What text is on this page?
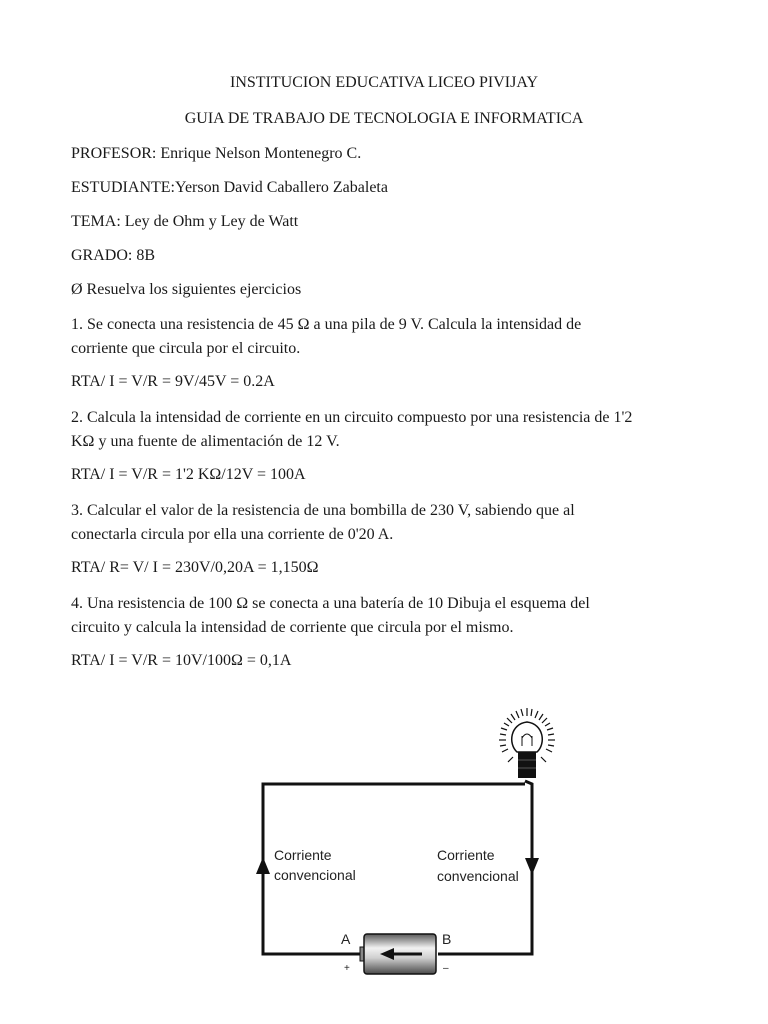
INSTITUCION EDUCATIVA LICEO PIVIJAY
GUIA DE TRABAJO DE TECNOLOGIA E INFORMATICA
PROFESOR: Enrique Nelson Montenegro C.
ESTUDIANTE:Yerson David Caballero Zabaleta
TEMA: Ley de Ohm y Ley de Watt
GRADO: 8B
Ø Resuelva los siguientes ejercicios
1. Se conecta una resistencia de 45 Ω a una pila de 9 V. Calcula la intensidad de
corriente que circula por el circuito.
RTA/ I = V/R = 9V/45V = 0.2A
2. Calcula la intensidad de corriente en un circuito compuesto por una resistencia de 1'2
KΩ y una fuente de alimentación de 12 V.
RTA/ I = V/R = 1'2 KΩ/12V = 100A
3. Calcular el valor de la resistencia de una bombilla de 230 V, sabiendo que al
conectarla circula por ella una corriente de 0'20 A.
RTA/ R= V/ I = 230V/0,20A = 1,150Ω
4. Una resistencia de 100 Ω se conecta a una batería de 10 Dibuja el esquema del
circuito y calcula la intensidad de corriente que circula por el mismo.
RTA/ I = V/R = 10V/100Ω = 0,1A
Corriente
convencional
Corriente
convencional
A	B
+	–
